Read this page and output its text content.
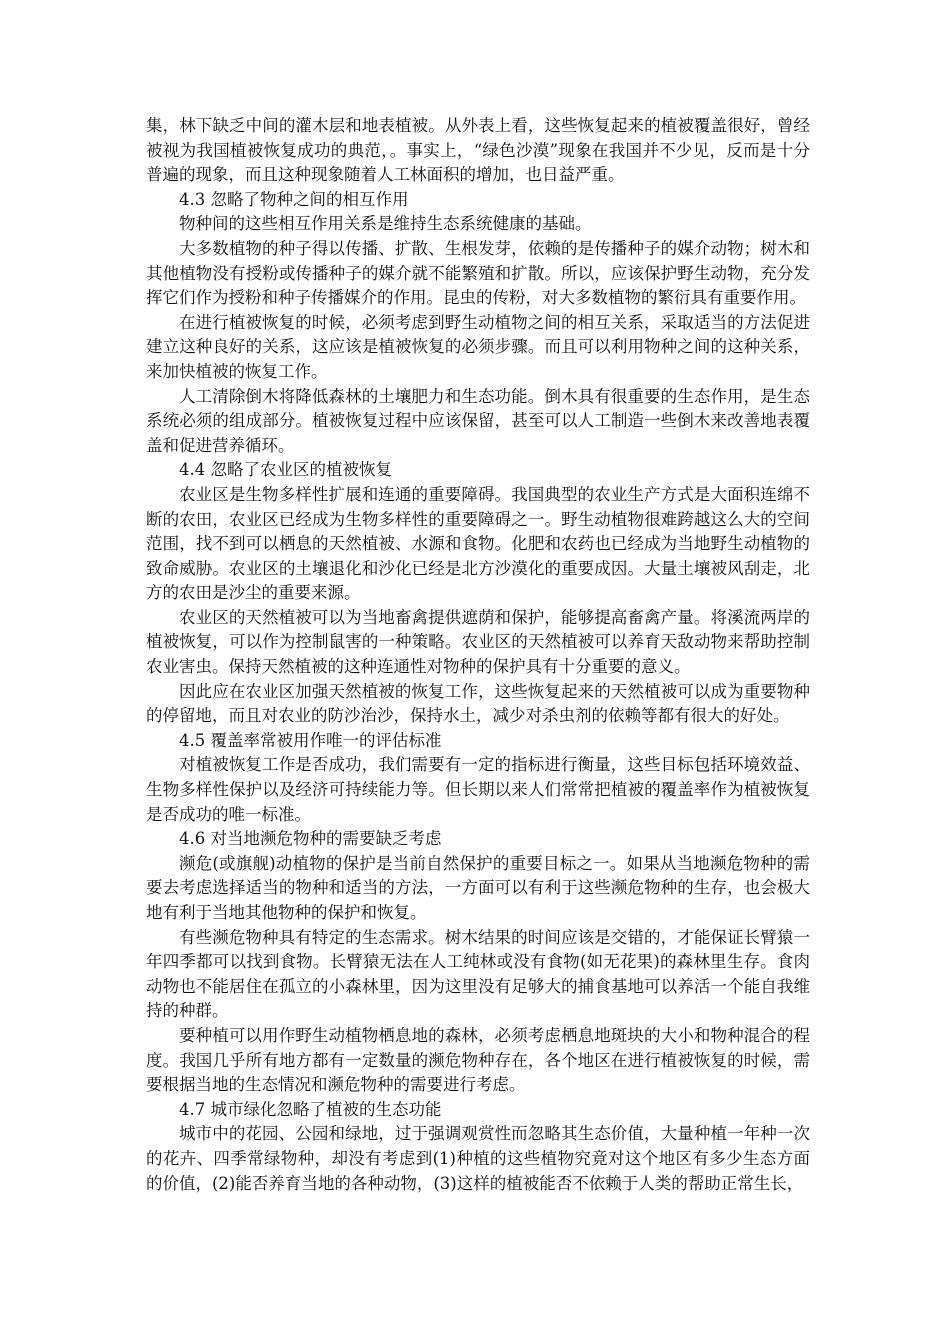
集，林下缺乏中间的灌木层和地表植被。从外表上看，这些恢复起来的植被覆盖很好，曾经被视为我国植被恢复成功的典范，。事实上，“绿色沙漠”现象在我国并不少见，反而是十分普遍的现象，而且这种现象随着人工林面积的增加，也日益严重。

4.3 忽略了物种之间的相互作用

物种间的这些相互作用关系是维持生态系统健康的基础。

大多数植物的种子得以传播、扩散、生根发芽，依赖的是传播种子的媒介动物；树木和其他植物没有授粉或传播种子的媒介就不能繁殖和扩散。所以，应该保护野生动物，充分发挥它们作为授粉和种子传播媒介的作用。昆虫的传粉，对大多数植物的繁衍具有重要作用。

在进行植被恢复的时候，必须考虑到野生动植物之间的相互关系，采取适当的方法促进建立这种良好的关系，这应该是植被恢复的必须步骤。而且可以利用物种之间的这种关系，来加快植被的恢复工作。

人工清除倒木将降低森林的土壤肥力和生态功能。倒木具有很重要的生态作用，是生态系统必须的组成部分。植被恢复过程中应该保留，甚至可以人工制造一些倒木来改善地表覆盖和促进营养循环。

4.4 忽略了农业区的植被恢复

农业区是生物多样性扩展和连通的重要障碍。我国典型的农业生产方式是大面积连绵不断的农田，农业区已经成为生物多样性的重要障碍之一。野生动植物很难跨越这么大的空间范围，找不到可以栖息的天然植被、水源和食物。化肥和农药也已经成为当地野生动植物的致命威胁。农业区的土壤退化和沙化已经是北方沙漠化的重要成因。大量土壤被风刮走，北方的农田是沙尘的重要来源。

农业区的天然植被可以为当地畜禽提供遮荫和保护，能够提高畜禽产量。将溪流两岸的植被恢复，可以作为控制鼠害的一种策略。农业区的天然植被可以养育天敌动物来帮助控制农业害虫。保持天然植被的这种连通性对物种的保护具有十分重要的意义。

因此应在农业区加强天然植被的恢复工作，这些恢复起来的天然植被可以成为重要物种的停留地，而且对农业的防沙治沙，保持水土，减少对杀虫剂的依赖等都有很大的好处。

4.5 覆盖率常被用作唯一的评估标准

对植被恢复工作是否成功，我们需要有一定的指标进行衡量，这些目标包括环境效益、生物多样性保护以及经济可持续能力等。但长期以来人们常常把植被的覆盖率作为植被恢复是否成功的唯一标准。

4.6 对当地濒危物种的需要缺乏考虑

濒危(或旗舰)动植物的保护是当前自然保护的重要目标之一。如果从当地濒危物种的需要去考虑选择适当的物种和适当的方法，一方面可以有利于这些濒危物种的生存，也会极大地有利于当地其他物种的保护和恢复。

有些濒危物种具有特定的生态需求。树木结果的时间应该是交错的，才能保证长臂猿一年四季都可以找到食物。长臂猿无法在人工纯林或没有食物(如无花果)的森林里生存。食肉动物也不能居住在孤立的小森林里，因为这里没有足够大的捕食基地可以养活一个能自我维持的种群。

要种植可以用作野生动植物栖息地的森林，必须考虑栖息地斑块的大小和物种混合的程度。我国几乎所有地方都有一定数量的濒危物种存在，各个地区在进行植被恢复的时候，需要根据当地的生态情况和濒危物种的需要进行考虑。

4.7 城市绿化忽略了植被的生态功能

城市中的花园、公园和绿地，过于强调观赏性而忽略其生态价值，大量种植一年种一次的花卉、四季常绿物种，却没有考虑到(1)种植的这些植物究竟对这个地区有多少生态方面的价值，(2)能否养育当地的各种动物，(3)这样的植被能否不依赖于人类的帮助正常生长，
